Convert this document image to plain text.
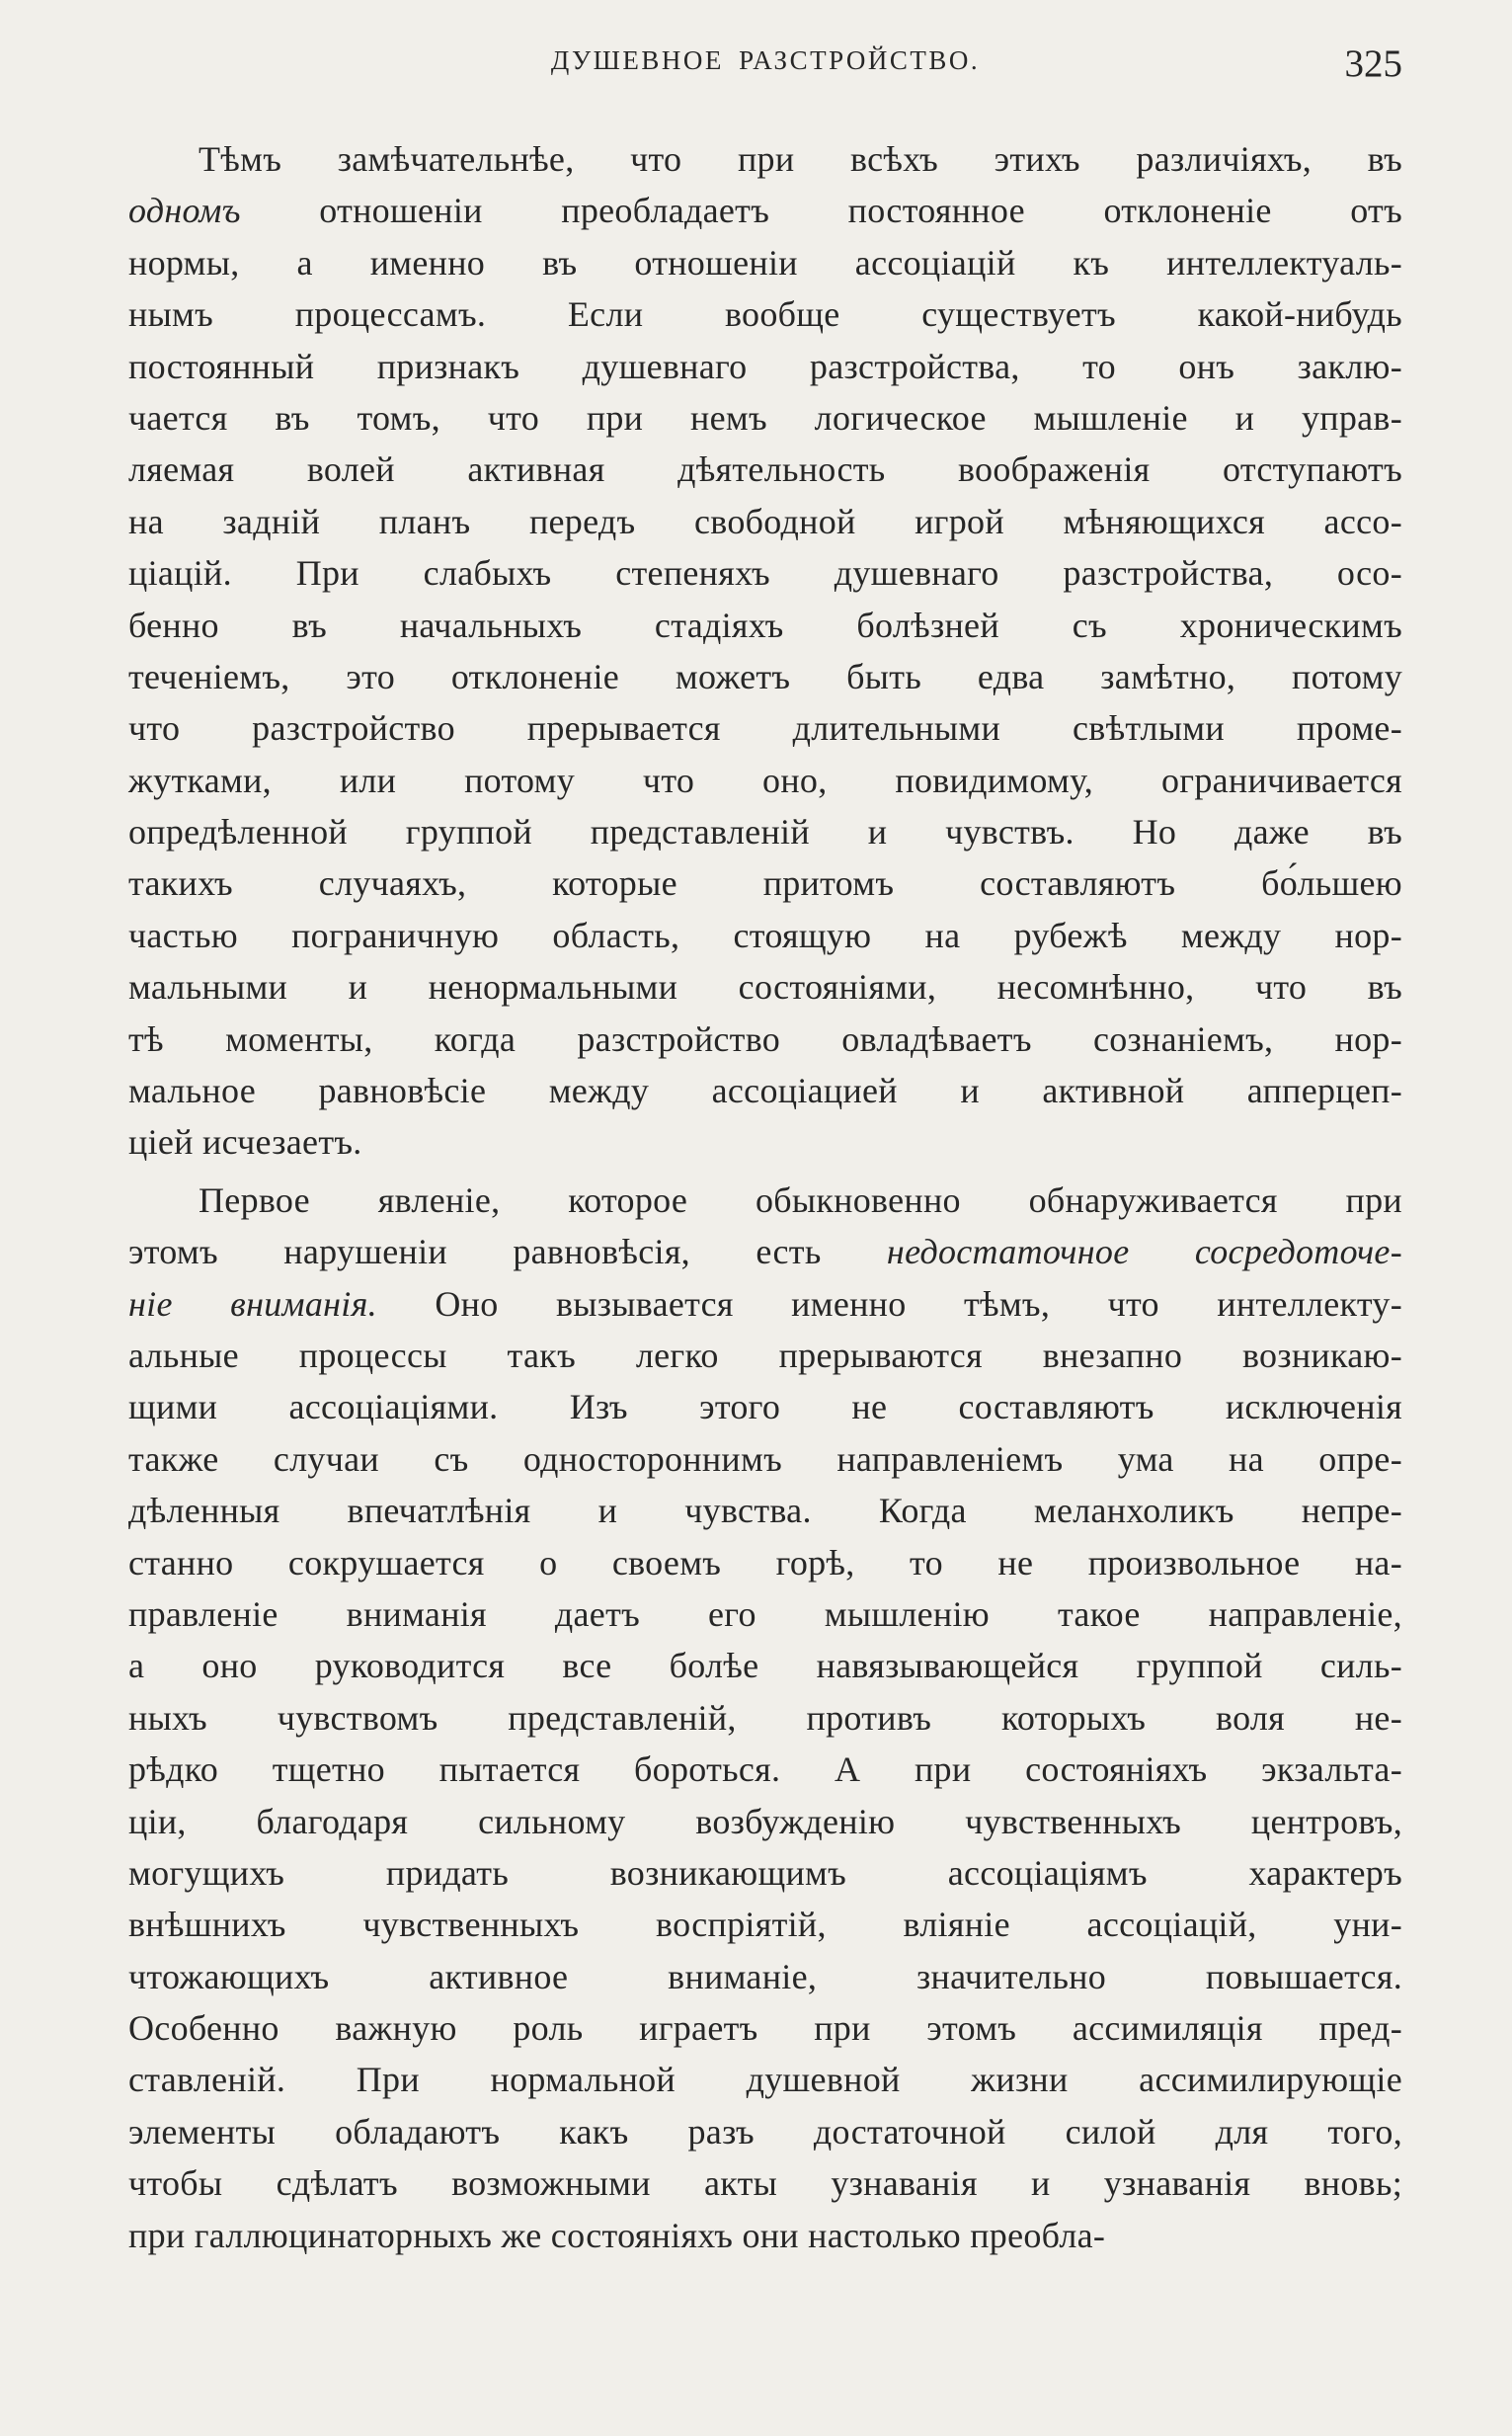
ДУШЕВНОЕ РАЗСТРОЙСТВО.	325
Тѣмъ замѣчательнѣе, что при всѣхъ этихъ различіяхъ, въ
одномъ отношеніи преобладаетъ постоянное отклоненіе отъ
нормы, а именно въ отношеніи ассоціацій къ интеллектуаль-
нымъ процессамъ. Если вообще существуетъ какой-нибудь
постоянный признакъ душевнаго разстройства, то онъ заклю-
чается въ томъ, что при немъ логическое мышленіе и управ-
ляемая волей активная дѣятельность воображенія отступаютъ
на задній планъ передъ свободной игрой мѣняющихся ассо-
ціацій. При слабыхъ степеняхъ душевнаго разстройства, осо-
бенно въ начальныхъ стадіяхъ болѣзней съ хроническимъ
теченіемъ, это отклоненіе можетъ быть едва замѣтно, потому
что разстройство прерывается длительными свѣтлыми проме-
жутками, или потому что оно, повидимому, ограничивается
опредѣленной группой представленій и чувствъ. Но даже въ
такихъ случаяхъ, которые притомъ составляютъ бо́льшею
частью пограничную область, стоящую на рубежѣ между нор-
мальными и ненормальными состояніями, несомнѣнно, что въ
тѣ моменты, когда разстройство овладѣваетъ сознаніемъ, нор-
мальное равновѣсіе между ассоціацией и активной апперцеп-
ціей исчезаетъ.
Первое явленіе, которое обыкновенно обнаруживается при
этомъ нарушеніи равновѣсія, есть недостаточное сосредоточе-
ніе вниманія. Оно вызывается именно тѣмъ, что интеллекту-
альные процессы такъ легко прерываются внезапно возникаю-
щими ассоціаціями. Изъ этого не составляютъ исключенія
также случаи съ одностороннимъ направленіемъ ума на опре-
дѣленныя впечатлѣнія и чувства. Когда меланхоликъ непре-
станно сокрушается о своемъ горѣ, то не произвольное на-
правленіе вниманія даетъ его мышленію такое направленіе,
а оно руководится все болѣе навязывающейся группой силь-
ныхъ чувствомъ представленій, противъ которыхъ воля не-
рѣдко тщетно пытается бороться. А при состояніяхъ экзальта-
ціи, благодаря сильному возбужденію чувственныхъ центровъ,
могущихъ придать возникающимъ ассоціаціямъ характеръ
внѣшнихъ чувственныхъ воспріятій, вліяніе ассоціацій, уни-
чтожающихъ активное вниманіе, значительно повышается.
Особенно важную роль играетъ при этомъ ассимиляція пред-
ставленій. При нормальной душевной жизни ассимилирующіе
элементы обладаютъ какъ разъ достаточной силой для того,
чтобы сдѣлатъ возможными акты узнаванія и узнаванія вновь;
при галлюцинаторныхъ же состояніяхъ они настолько преобла-
